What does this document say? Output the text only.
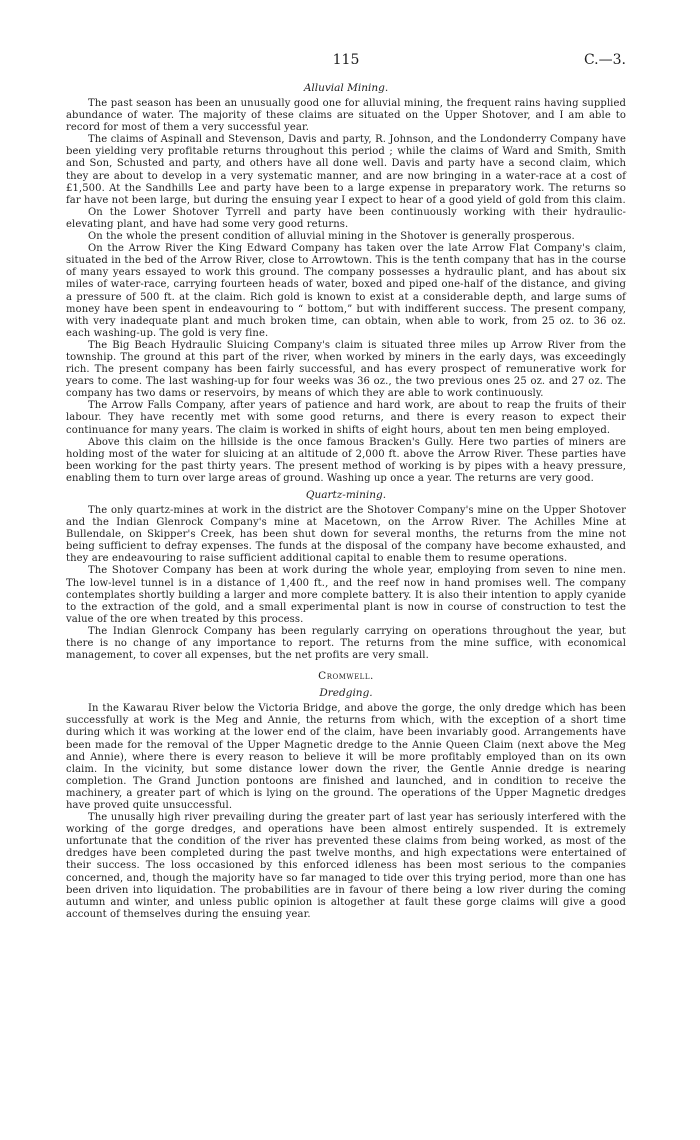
115	C.—3.
Alluvial Mining.

The past season has been an unusually good one for alluvial mining, the frequent rains having supplied abundance of water. The majority of these claims are situated on the Upper Shotover, and I am able to record for most of them a very successful year.

The claims of Aspinall and Stevenson, Davis and party, R. Johnson, and the Londonderry Company have been yielding very profitable returns throughout this period ; while the claims of Ward and Smith, Smith and Son, Schusted and party, and others have all done well. Davis and party have a second claim, which they are about to develop in a very systematic manner, and are now bringing in a water-race at a cost of £1,500. At the Sandhills Lee and party have been to a large expense in preparatory work. The returns so far have not been large, but during the ensuing year I expect to hear of a good yield of gold from this claim.

On the Lower Shotover Tyrrell and party have been continuously working with their hydraulic-elevating plant, and have had some very good returns.

On the whole the present condition of alluvial mining in the Shotover is generally prosperous.

On the Arrow River the King Edward Company has taken over the late Arrow Flat Company's claim, situated in the bed of the Arrow River, close to Arrowtown. This is the tenth company that has in the course of many years essayed to work this ground. The company possesses a hydraulic plant, and has about six miles of water-race, carrying fourteen heads of water, boxed and piped one-half of the distance, and giving a pressure of 500 ft. at the claim. Rich gold is known to exist at a considerable depth, and large sums of money have been spent in endeavouring to “ bottom,” but with indifferent success. The present company, with very inadequate plant and much broken time, can obtain, when able to work, from 25 oz. to 36 oz. each washing-up. The gold is very fine.

The Big Beach Hydraulic Sluicing Company's claim is situated three miles up Arrow River from the township. The ground at this part of the river, when worked by miners in the early days, was exceedingly rich. The present company has been fairly successful, and has every prospect of remunerative work for years to come. The last washing-up for four weeks was 36 oz., the two previous ones 25 oz. and 27 oz. The company has two dams or reservoirs, by means of which they are able to work continuously.

The Arrow Falls Company, after years of patience and hard work, are about to reap the fruits of their labour. They have recently met with some good returns, and there is every reason to expect their continuance for many years. The claim is worked in shifts of eight hours, about ten men being employed.

Above this claim on the hillside is the once famous Bracken's Gully. Here two parties of miners are holding most of the water for sluicing at an altitude of 2,000 ft. above the Arrow River. These parties have been working for the past thirty years. The present method of working is by pipes with a heavy pressure, enabling them to turn over large areas of ground. Washing up once a year. The returns are very good.

Quartz-mining.

The only quartz-mines at work in the district are the Shotover Company's mine on the Upper Shotover and the Indian Glenrock Company's mine at Macetown, on the Arrow River. The Achilles Mine at Bullendale, on Skipper's Creek, has been shut down for several months, the returns from the mine not being sufficient to defray expenses. The funds at the disposal of the company have become exhausted, and they are endeavouring to raise sufficient additional capital to enable them to resume operations.

The Shotover Company has been at work during the whole year, employing from seven to nine men. The low-level tunnel is in a distance of 1,400 ft., and the reef now in hand promises well. The company contemplates shortly building a larger and more complete battery. It is also their intention to apply cyanide to the extraction of the gold, and a small experimental plant is now in course of construction to test the value of the ore when treated by this process.

The Indian Glenrock Company has been regularly carrying on operations throughout the year, but there is no change of any importance to report. The returns from the mine suffice, with economical management, to cover all expenses, but the net profits are very small.

Cromwell.
Dredging.

In the Kawarau River below the Victoria Bridge, and above the gorge, the only dredge which has been successfully at work is the Meg and Annie, the returns from which, with the exception of a short time during which it was working at the lower end of the claim, have been invariably good. Arrangements have been made for the removal of the Upper Magnetic dredge to the Annie Queen Claim (next above the Meg and Annie), where there is every reason to believe it will be more profitably employed than on its own claim. In the vicinity, but some distance lower down the river, the Gentle Annie dredge is nearing completion. The Grand Junction pontoons are finished and launched, and in condition to receive the machinery, a greater part of which is lying on the ground. The operations of the Upper Magnetic dredges have proved quite unsuccessful.

The unusally high river prevailing during the greater part of last year has seriously interfered with the working of the gorge dredges, and operations have been almost entirely suspended. It is extremely unfortunate that the condition of the river has prevented these claims from being worked, as most of the dredges have been completed during the past twelve months, and high expectations were entertained of their success. The loss occasioned by this enforced idleness has been most serious to the companies concerned, and, though the majority have so far managed to tide over this trying period, more than one has been driven into liquidation. The probabilities are in favour of there being a low river during the coming autumn and winter, and unless public opinion is altogether at fault these gorge claims will give a good account of themselves during the ensuing year.
